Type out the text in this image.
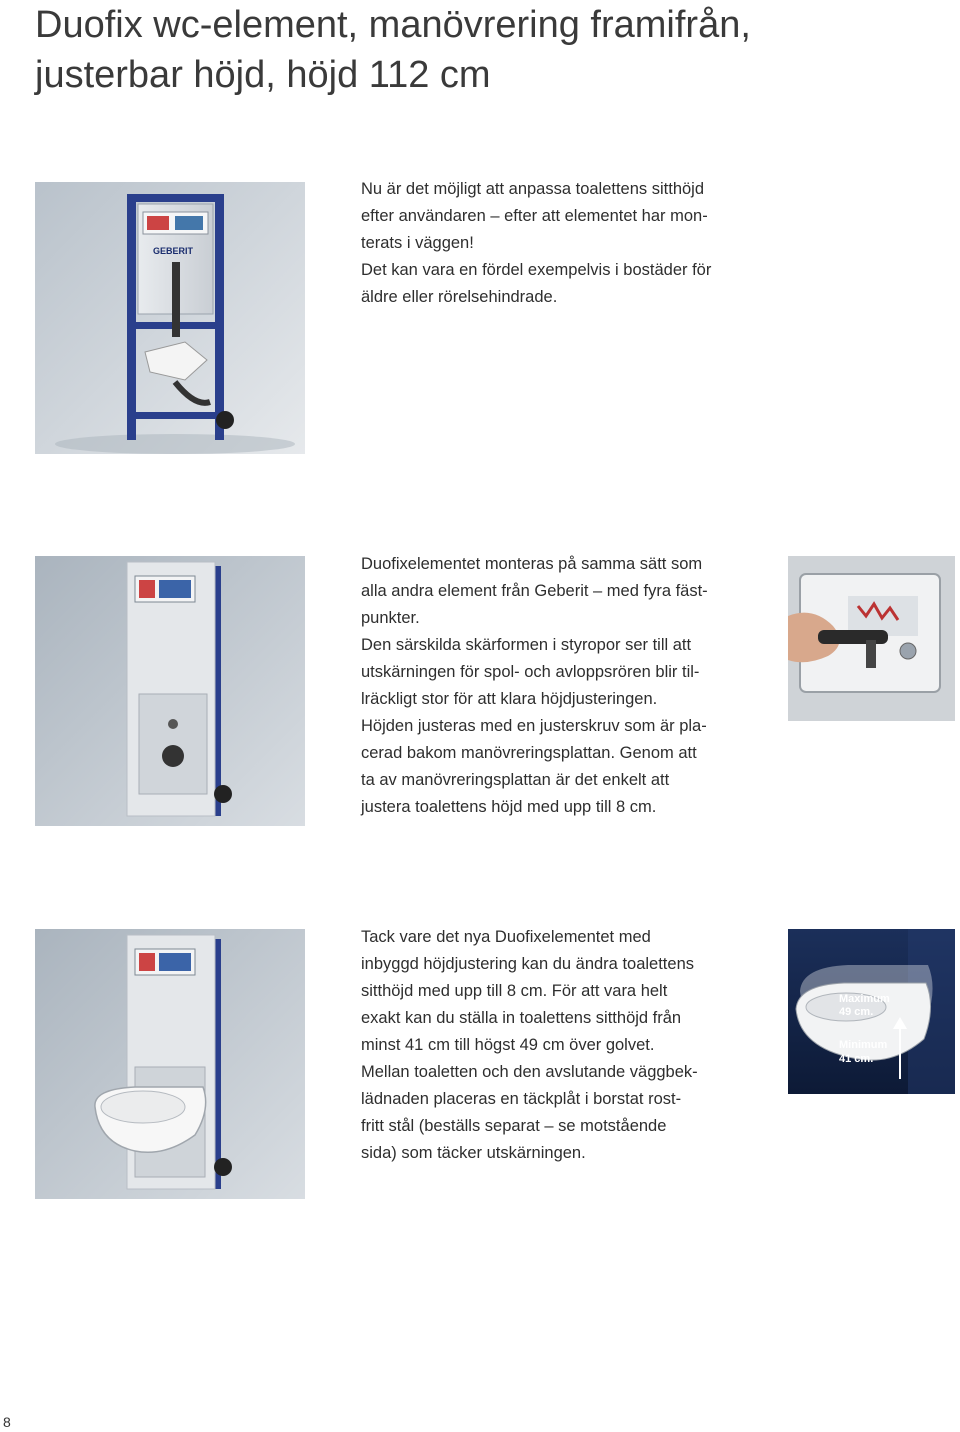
Duofix wc-element, manövrering framifrån,
justerbar höjd, höjd 112 cm
GEBERIT
Nu är det möjligt att anpassa toalettens sitthöjd
efter användaren – efter att elementet har mon-
terats i väggen!
Det kan vara en fördel exempelvis i bostäder för
äldre eller rörelsehindrade.
Duofixelementet monteras på samma sätt som
alla andra element från Geberit – med fyra fäst-
punkter.
Den särskilda skärformen i styropor ser till att
utskärningen för spol- och avloppsrören blir til-
lräckligt stor för att klara höjdjusteringen.
Höjden justeras med en justerskruv som är pla-
cerad bakom manövreringsplattan. Genom att
ta av manövreringsplattan är det enkelt att
justera toalettens höjd med upp till 8 cm.
Tack vare det nya Duofixelementet med
inbyggd höjdjustering kan du ändra toalettens
sitthöjd med upp till 8 cm. För att vara helt
exakt kan du ställa in toalettens sitthöjd från
minst 41 cm till högst 49 cm över golvet.
Mellan toaletten och den avslutande väggbek-
lädnaden placeras en täckplåt i borstat rost-
fritt stål (beställs separat – se motstående
sida) som täcker utskärningen.
Maximum
49 cm.
Minimum
41 cm.
8
